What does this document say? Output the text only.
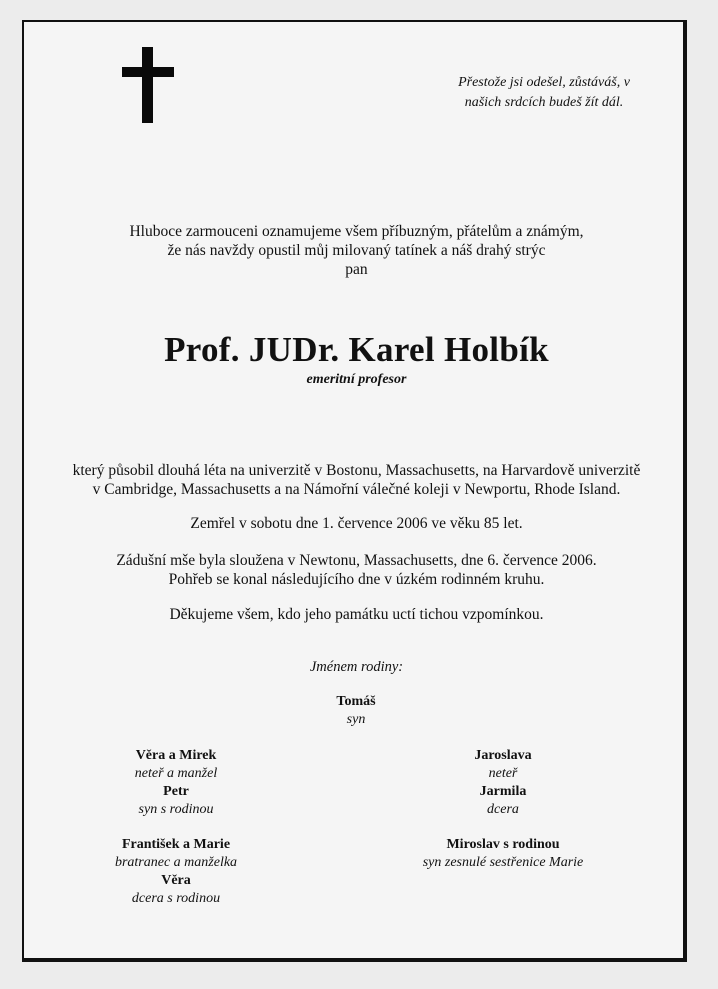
Přestože jsi odešel, zůstáváš, v
našich srdcích budeš žít dál.
Hluboce zarmouceni oznamujeme všem příbuzným, přátelům a známým,
že nás navždy opustil můj milovaný tatínek a náš drahý strýc
pan
Prof. JUDr. Karel Holbík
emeritní profesor
který působil dlouhá léta na univerzitě v Bostonu, Massachusetts, na Harvardově univerzitě
v Cambridge, Massachusetts a na Námořní válečné koleji v Newportu, Rhode Island.
Zemřel v sobotu dne 1. července 2006 ve věku 85 let.
Zádušní mše byla sloužena v Newtonu, Massachusetts, dne 6. července 2006.
Pohřeb se konal následujícího dne v úzkém rodinném kruhu.
Děkujeme všem, kdo jeho památku uctí tichou vzpomínkou.
Jménem rodiny:
Tomáš
syn
Věra a Mirek
neteř a manžel
Petr
syn s rodinou
František a Marie
bratranec a manželka
Věra
dcera s rodinou
Jaroslava
neteř
Jarmila
dcera
Miroslav s rodinou
syn zesnulé sestřenice Marie
